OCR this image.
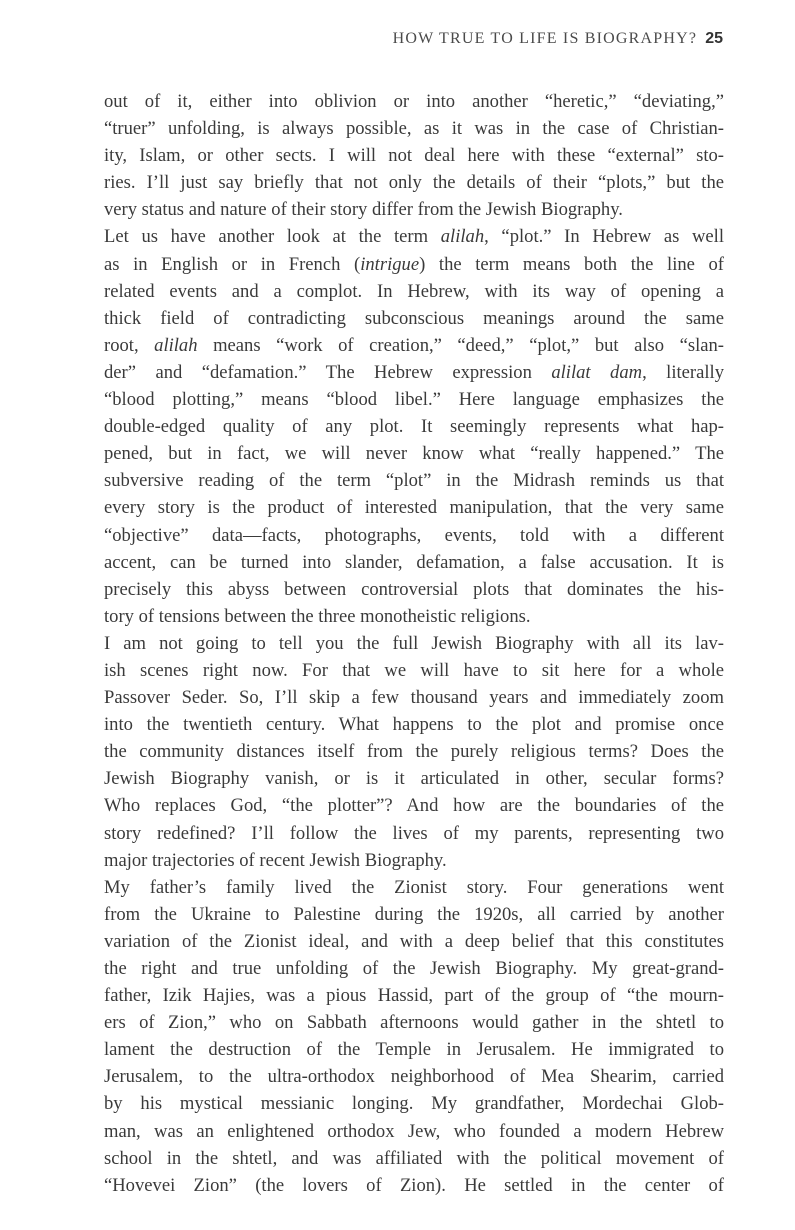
HOW TRUE TO LIFE IS BIOGRAPHY? 25
out of it, either into oblivion or into another “heretic,” “deviating,”
“truer” unfolding, is always possible, as it was in the case of Christian-
ity, Islam, or other sects. I will not deal here with these “external” sto-
ries. I’ll just say briefly that not only the details of their “plots,” but the
very status and nature of their story differ from the Jewish Biography.
Let us have another look at the term alilah, “plot.” In Hebrew as well
as in English or in French (intrigue) the term means both the line of
related events and a complot. In Hebrew, with its way of opening a
thick field of contradicting subconscious meanings around the same
root, alilah means “work of creation,” “deed,” “plot,” but also “slan-
der” and “defamation.” The Hebrew expression alilat dam, literally
“blood plotting,” means “blood libel.” Here language emphasizes the
double-edged quality of any plot. It seemingly represents what hap-
pened, but in fact, we will never know what “really happened.” The
subversive reading of the term “plot” in the Midrash reminds us that
every story is the product of interested manipulation, that the very same
“objective” data—facts, photographs, events, told with a different
accent, can be turned into slander, defamation, a false accusation. It is
precisely this abyss between controversial plots that dominates the his-
tory of tensions between the three monotheistic religions.
I am not going to tell you the full Jewish Biography with all its lav-
ish scenes right now. For that we will have to sit here for a whole
Passover Seder. So, I’ll skip a few thousand years and immediately zoom
into the twentieth century. What happens to the plot and promise once
the community distances itself from the purely religious terms? Does the
Jewish Biography vanish, or is it articulated in other, secular forms?
Who replaces God, “the plotter”? And how are the boundaries of the
story redefined? I’ll follow the lives of my parents, representing two
major trajectories of recent Jewish Biography.
My father’s family lived the Zionist story. Four generations went
from the Ukraine to Palestine during the 1920s, all carried by another
variation of the Zionist ideal, and with a deep belief that this constitutes
the right and true unfolding of the Jewish Biography. My great-grand-
father, Izik Hajies, was a pious Hassid, part of the group of “the mourn-
ers of Zion,” who on Sabbath afternoons would gather in the shtetl to
lament the destruction of the Temple in Jerusalem. He immigrated to
Jerusalem, to the ultra-orthodox neighborhood of Mea Shearim, carried
by his mystical messianic longing. My grandfather, Mordechai Glob-
man, was an enlightened orthodox Jew, who founded a modern Hebrew
school in the shtetl, and was affiliated with the political movement of
“Hovevei Zion” (the lovers of Zion). He settled in the center of
